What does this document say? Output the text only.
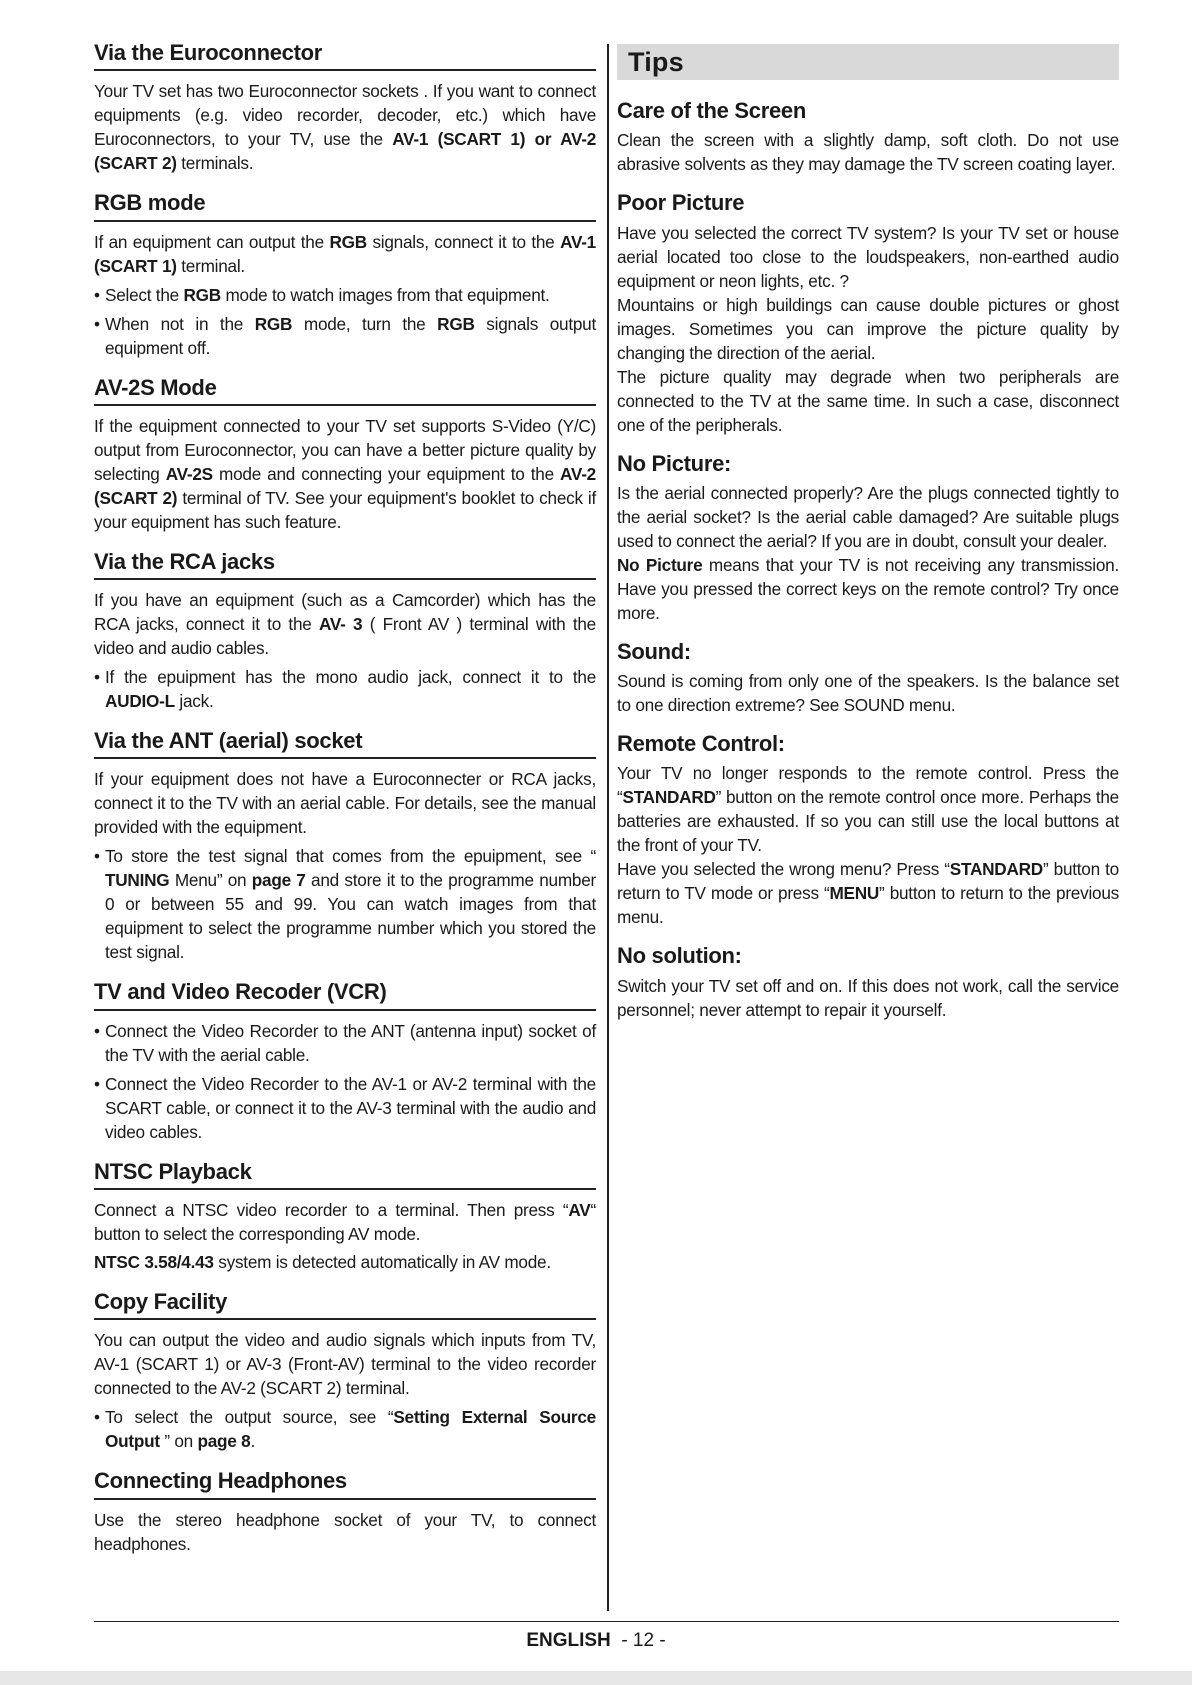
Via the Euroconnector

Your TV set has two Euroconnector sockets . If you want to connect equipments (e.g. video recorder, decoder, etc.) which have Euroconnectors, to your TV, use the AV-1 (SCART 1) or AV-2 (SCART 2) terminals.

RGB mode

If an equipment can output the RGB signals, connect it to the AV-1 (SCART 1) terminal.

• Select the RGB mode to watch images from that equipment.

• When not in the RGB mode, turn the RGB signals output equipment off.

AV-2S Mode

If the equipment connected to your TV set supports S-Video (Y/C) output from Euroconnector, you can have a better picture quality by selecting AV-2S mode and connecting your equipment to the AV-2 (SCART 2) terminal of TV. See your equipment's booklet to check if your equipment has such feature.

Via the RCA jacks

If you have an equipment (such as a Camcorder) which has the RCA jacks, connect it to the AV- 3 ( Front AV ) terminal with the video and audio cables.

• If the epuipment has the mono audio jack, connect it to the AUDIO-L jack.

Via the ANT (aerial) socket

If your equipment does not have a Euroconnecter or RCA jacks, connect it to the TV with an aerial cable. For details, see the manual provided with the equipment.

• To store the test signal that comes from the epuipment, see “ TUNING Menu” on page 7 and store it to the programme number 0 or between 55 and 99. You can watch images from that equipment to select the programme number which you stored the test signal.

TV and Video Recoder (VCR)

• Connect the Video Recorder to the ANT (antenna input) socket of the TV with the aerial cable.

• Connect the Video Recorder to the AV-1 or AV-2 terminal with the SCART cable, or connect it to the AV-3 terminal with the audio and video cables.

NTSC Playback

Connect a NTSC video recorder to a terminal. Then press “AV“ button to select the corresponding AV mode.

NTSC 3.58/4.43 system is detected automatically in AV mode.

Copy Facility

You can output the video and audio signals which inputs from TV, AV-1 (SCART 1) or AV-3 (Front-AV) terminal to the video recorder connected to the AV-2 (SCART 2) terminal.

• To select the output source, see “Setting External Source Output ” on page 8.

Connecting Headphones

Use the stereo headphone socket of your TV, to connect headphones.

Tips
Care of the Screen

Clean the screen with a slightly damp, soft cloth. Do not use abrasive solvents as they may damage the TV screen coating layer.

Poor Picture

Have you selected the correct TV system? Is your TV set or house aerial located too close to the loudspeakers, non-earthed audio equipment or neon lights, etc. ?

Mountains or high buildings can cause double pictures or ghost images. Sometimes you can improve the picture quality by changing the direction of the aerial.

The picture quality may degrade when two peripherals are connected to the TV at the same time. In such a case, disconnect one of the peripherals.

No Picture:

Is the aerial connected properly? Are the plugs connected tightly to the aerial socket? Is the aerial cable damaged? Are suitable plugs used to connect the aerial? If you are in doubt, consult your dealer.

No Picture means that your TV is not receiving any transmission. Have you pressed the correct keys on the remote control? Try once more.

Sound:

Sound is coming from only one of the speakers. Is the balance set to one direction extreme? See SOUND menu.

Remote Control:

Your TV no longer responds to the remote control. Press the “STANDARD” button on the remote control once more. Perhaps the batteries are exhausted. If so you can still use the local buttons at the front of your TV.

Have you selected the wrong menu? Press “STANDARD” button to return to TV mode or press “MENU” button to return to the previous menu.

No solution:

Switch your TV set off and on. If this does not work, call the service personnel; never attempt to repair it yourself.

ENGLISH  - 12 -
